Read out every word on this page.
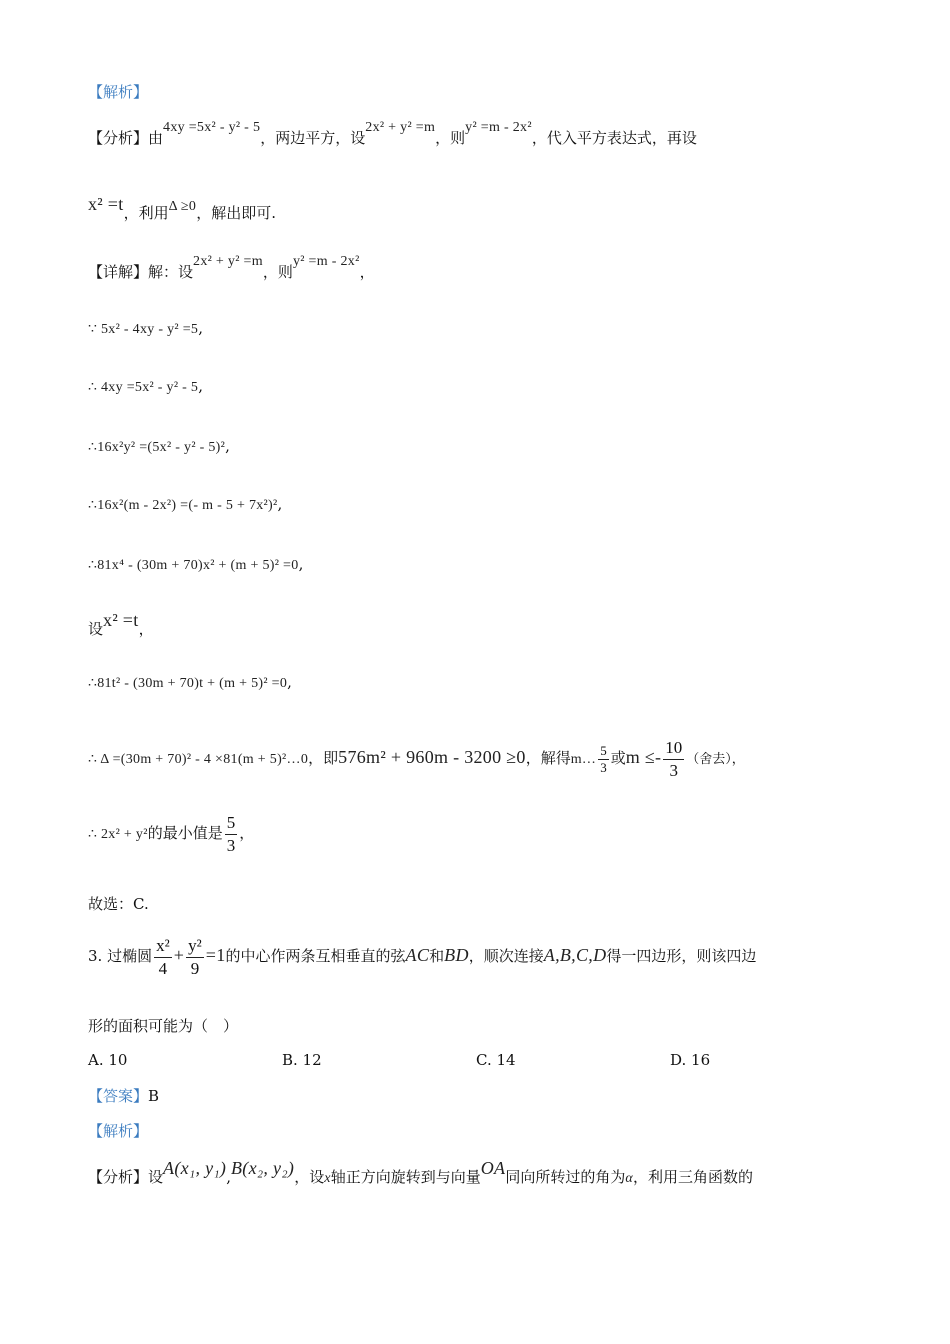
【解析】
【分析】由4xy =5x² - y² - 5，两边平方，设2x² + y² =m，则y² =m - 2x²，代入平方表达式，再设
x² =t，利用Δ ≥0，解出即可.
【详解】解：设2x² + y² =m，则y² =m - 2x²，
∵ 5x² - 4xy - y² =5,
∴ 4xy =5x² - y² - 5,
∴16x²y² =(5x² - y² - 5)²,
∴16x²(m - 2x²) =(- m - 5 + 7x²)²,
∴81x⁴ - (30m + 70)x² + (m + 5)² =0,
设x² =t，
∴81t² - (30m + 70)t + (m + 5)² =0,
∴ Δ =(30m + 70)² - 4 ×81(m + 5)²…0，即576m² + 960m - 3200 ≥0，解得m… $\frac{5}{3}$ 或$m \le- \frac{10}{3}$ （舍去），
∴ 2x² + y²的最小值是 $\frac{5}{3}$ ，
故选：C.
3. 过椭圆 $\frac{\text{x²}}{4} + \frac{\text{y²}}{9} =1$的中心作两条互相垂直的弦AC和BD，顺次连接A,B,C,D得一四边形，则该四边
形的面积可能为（　）
A. 10	B. 12	C. 14	D. 16
【答案】B
【解析】
【分析】设A(x₁, y₁),B(x₂, y₂)，设x轴正方向旋转到与向量OA同向所转过的角为α，利用三角函数的
